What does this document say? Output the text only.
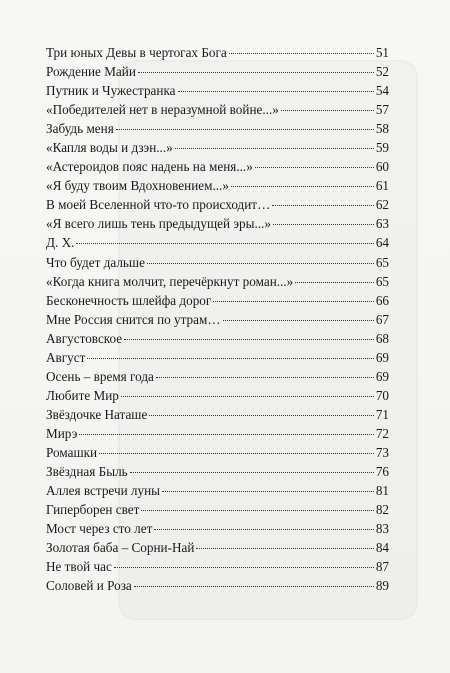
Три юных Девы в чертогах Бога	51
Рождение Майи	52
Путник и Чужестранка	54
«Победителей нет в неразумной войне...»	57
Забудь меня	58
«Капля воды и дзэн...»	59
«Астероидов пояс надень на меня...»	60
«Я буду твоим Вдохновением...»	61
В моей Вселенной что-то происходит…	62
«Я всего лишь тень предыдущей эры...»	63
Д. Х.	64
Что будет дальше	65
«Когда книга молчит, перечёркнут роман...»	65
Бесконечность шлейфа дорог	66
Мне Россия снится по утрам…	67
Августовское	68
Август	69
Осень – время года	69
Любите Мир	70
Звёздочке Наташе	71
Мирэ	72
Ромашки	73
Звёздная Быль	76
Аллея встречи луны	81
Гиперборен свет	82
Мост через сто лет	83
Золотая баба – Сорни-Най	84
Не твой час	87
Соловей и Роза	89
